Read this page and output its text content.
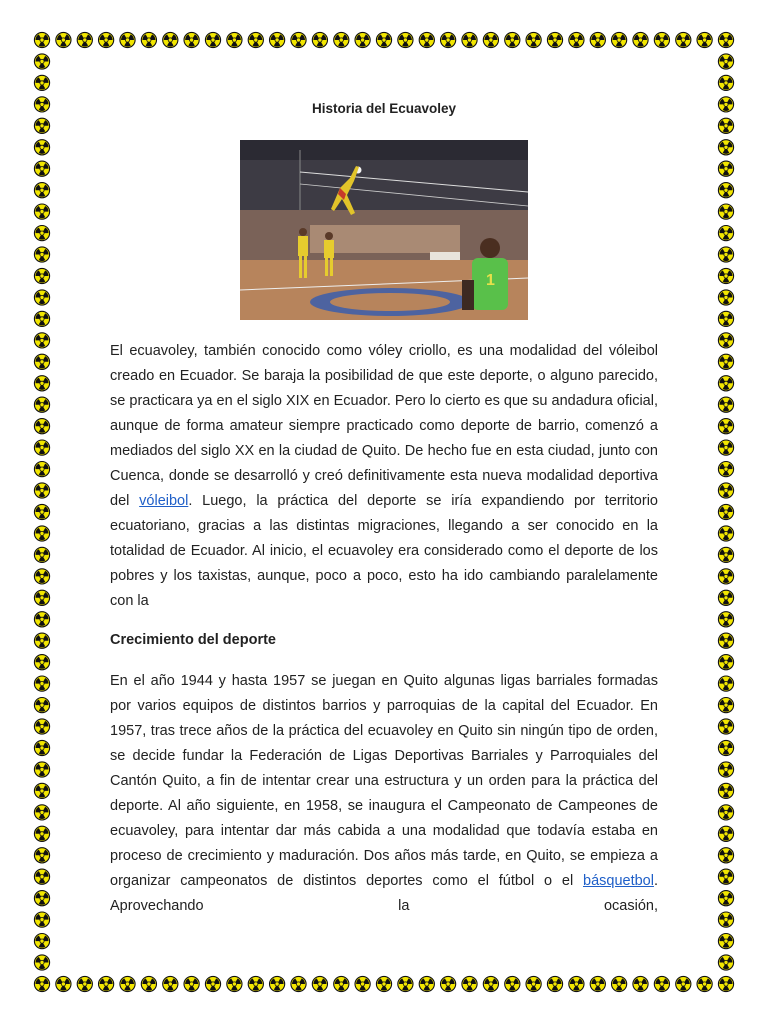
Historia del Ecuavoley
1

El ecuavoley, también conocido como vóley criollo, es una modalidad del vóleibol creado en Ecuador. Se baraja la posibilidad de que este deporte, o alguno parecido, se practicara ya en el siglo XIX en Ecuador. Pero lo cierto es que su andadura oficial, aunque de forma amateur siempre practicado como deporte de barrio, comenzó a mediados del siglo XX en la ciudad de Quito. De hecho fue en esta ciudad, junto con Cuenca, donde se desarrolló y creó definitivamente esta nueva modalidad deportiva del vóleibol. Luego, la práctica del deporte se iría expandiendo por territorio ecuatoriano, gracias a las distintas migraciones, llegando a ser conocido en la totalidad de Ecuador. Al inicio, el ecuavoley era considerado como el deporte de los pobres y los taxistas, aunque, poco a poco, esto ha ido cambiando paralelamente con la

Crecimiento del deporte

En el año 1944 y hasta 1957 se juegan en Quito algunas ligas barriales formadas por varios equipos de distintos barrios y parroquias de la capital del Ecuador. En 1957, tras trece años de la práctica del ecuavoley en Quito sin ningún tipo de orden, se decide fundar la Federación de Ligas Deportivas Barriales y Parroquiales del Cantón Quito, a fin de intentar crear una estructura y un orden para la práctica del deporte. Al año siguiente, en 1958, se inaugura el Campeonato de Campeones de ecuavoley, para intentar dar más cabida a una modalidad que todavía estaba en proceso de crecimiento y maduración. Dos años más tarde, en Quito, se empieza a organizar campeonatos de distintos deportes como el fútbol o el básquetbol. Aprovechando la ocasión,
